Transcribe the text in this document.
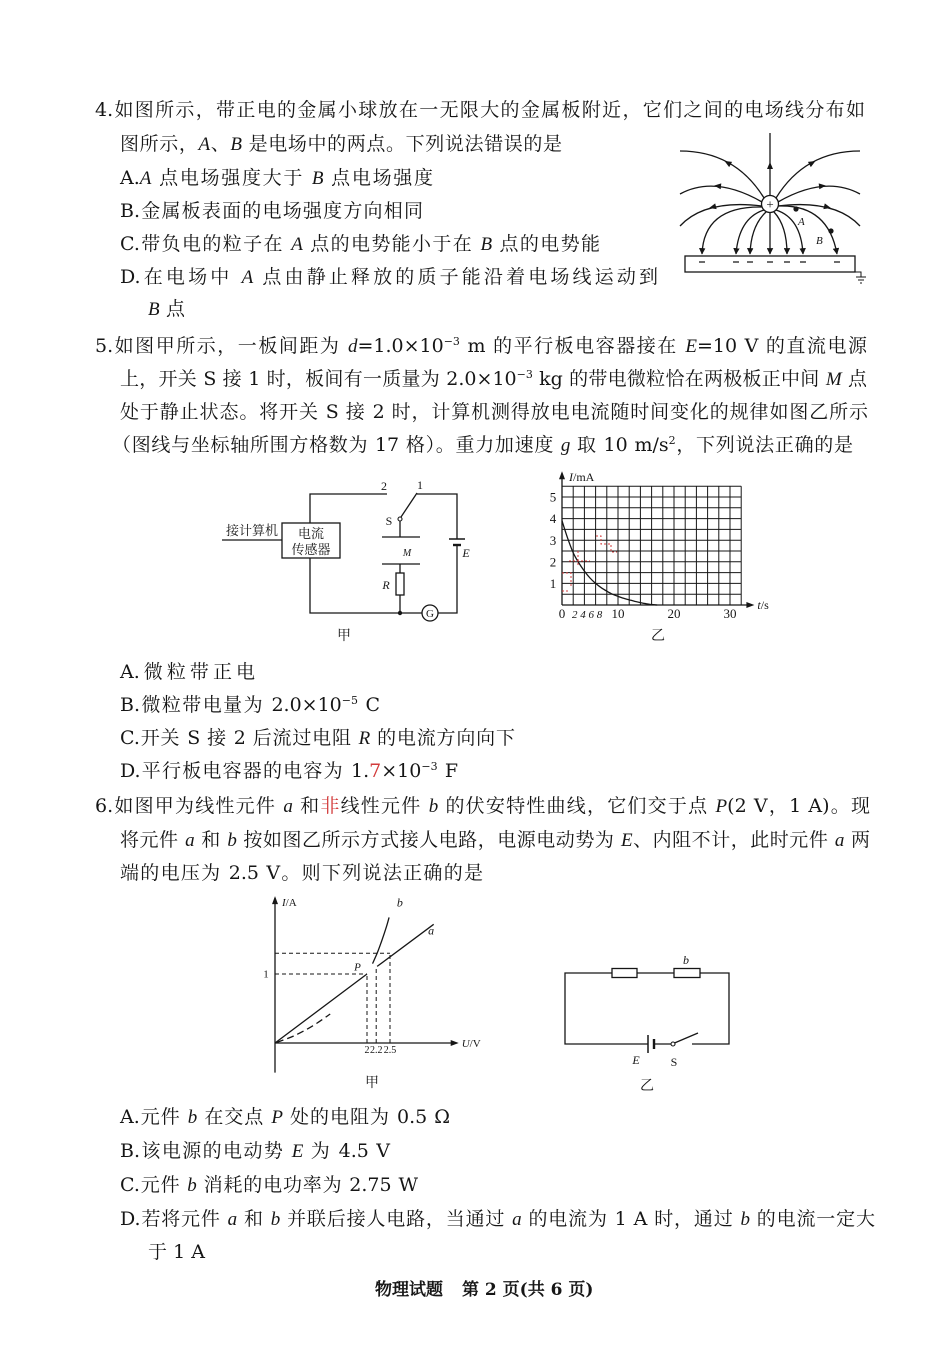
+
A
B
G
电流
传感器
接计算机
2	1
S
M
R
E
甲
0	10	20	30
1
2
3
4
5
I/mA
t/s
2 4 6 8
乙
2 2.2 2.5
1
I/A
U/V
a
b
P
甲
b
E	S
乙
4.如图所示，带正电的金属小球放在一无限大的金属板附近，它们之间的电场线分布如
图所示，A、B 是电场中的两点。下列说法错误的是
A.A 点电场强度大于 B 点电场强度
B.金属板表面的电场强度方向相同
C.带负电的粒子在 A 点的电势能小于在 B 点的电势能
D.在电场中 A 点由静止释放的质子能沿着电场线运动到
B 点
5.如图甲所示，一板间距为 $d=1.0\times 10^{-3}$ m 的平行板电容器接在 E=10 V 的直流电源
上，开关 S 接 1 时，板间有一质量为 $2.0\times 10^{-3}$ kg 的带电微粒恰在两极板正中间 M 点
处于静止状态。将开关 S 接 2 时，计算机测得放电电流随时间变化的规律如图乙所示
（图线与坐标轴所围方格数为 17 格）。重力加速度 g 取 10 $m/s^2$，下列说法正确的是
A.微粒带正电
B.微粒带电量为 $2.0\times 10^{-5}$ C
C.开关 S 接 2 后流过电阻 R 的电流方向向下
D.平行板电容器的电容为 $1.7\times 10^{-3}$ F
6.如图甲为线性元件 a 和非线性元件 b 的伏安特性曲线，它们交于点 P(2 V，1 A)。现
将元件 a 和 b 按如图乙所示方式接人电路，电源电动势为 E、内阻不计，此时元件 a 两
端的电压为 2.5 V。则下列说法正确的是
A.元件 b 在交点 P 处的电阻为 0.5 Ω
B.该电源的电动势 E 为 4.5 V
C.元件 b 消耗的电功率为 2.75 W
D.若将元件 a 和 b 并联后接人电路，当通过 a 的电流为 1 A 时，通过 b 的电流一定大
于 1 A
物理试题 第 2 页(共 6 页)
